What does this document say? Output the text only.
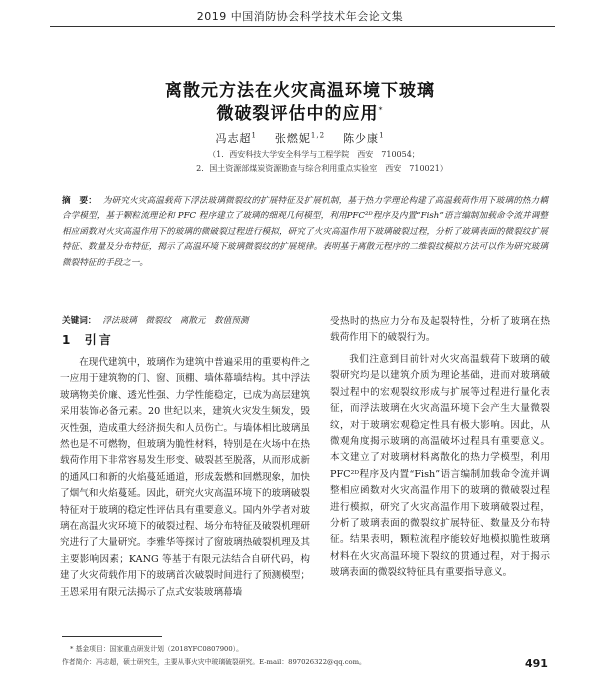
2019 中国消防协会科学技术年会论文集
离散元方法在火灾高温环境下玻璃
微破裂评估中的应用*
冯志超$^1$ 张燃妮$^{1,2}$ 陈少康$^1$
（1．西安科技大学安全科学与工程学院　西安　710054；
2．国土资源部煤炭资源勘查与综合利用重点实验室　西安　710021）
摘　要： 为研究火灾高温载荷下浮法玻璃微裂纹的扩展特征及扩展机制，基于热力学理论构建了高温载荷作用下玻璃的热力耦合学模型，基于颗粒流理论和 PFC 程序建立了玻璃的细观几何模型，利用PFC²ᴰ程序及内置“Fish”语言编制加载命令流并调整相应函数对火灾高温作用下的玻璃的微破裂过程进行模拟，研究了火灾高温作用下玻璃破裂过程，分析了玻璃表面的微裂纹扩展特征、数量及分布特征，揭示了高温环境下玻璃微裂纹的扩展规律。表明基于离散元程序的二维裂纹模拟方法可以作为研究玻璃微裂特征的手段之一。
关键词： 浮法玻璃　微裂纹　离散元　数值预测
1 引言

在现代建筑中，玻璃作为建筑中普遍采用的重要构件之一应用于建筑物的门、窗、顶棚、墙体幕墙结构。其中浮法玻璃物美价廉、透光性强、力学性能稳定，已成为高层建筑采用装饰必备元素。20 世纪以来，建筑火灾发生频发，毁灭性强，造成重大经济损失和人员伤亡。与墙体相比玻璃虽然也是不可燃物，但玻璃为脆性材料，特别是在火场中在热载荷作用下非常容易发生形变、破裂甚至脱落，从而形成新的通风口和新的火焰蔓延通道，形成轰燃和回燃现象，加快了烟气和火焰蔓延。因此，研究火灾高温环境下的玻璃破裂特征对于玻璃的稳定性评估具有重要意义。国内外学者对玻璃在高温火灾环境下的破裂过程、场分布特征及破裂机理研究进行了大量研究。李雅华等探讨了窗玻璃热破裂机理及其主要影响因素；KANG 等基于有限元法结合自研代码，构建了火灾荷载作用下的玻璃首次破裂时间进行了预测模型；王恩采用有限元法揭示了点式安装玻璃幕墙

受热时的热应力分布及起裂特性，分析了玻璃在热载荷作用下的破裂行为。

我们注意到目前针对火灾高温载荷下玻璃的破裂研究均是以建筑介质为理论基础，进而对玻璃破裂过程中的宏观裂纹形成与扩展等过程进行量化表征，而浮法玻璃在火灾高温环境下会产生大量微裂纹，对于玻璃宏观稳定性具有极大影响。因此，从微观角度揭示玻璃的高温破坏过程具有重要意义。本文建立了对玻璃材料离散化的热力学模型，利用 PFC²ᴰ程序及内置“Fish”语言编制加载命令流并调整相应函数对火灾高温作用下的玻璃的微破裂过程进行模拟，研究了火灾高温作用下玻璃破裂过程，分析了玻璃表面的微裂纹扩展特征、数量及分布特征。结果表明，颗粒流程序能较好地模拟脆性玻璃材料在火灾高温环境下裂纹的贯通过程，对于揭示玻璃表面的微裂纹特征具有重要指导意义。

* 基金项目：国家重点研发计划（2018YFC0807900）。
作者简介：冯志超，硕士研究生，主要从事火灾中玻璃破裂研究。E-mail：897026322@qq.com。	491
